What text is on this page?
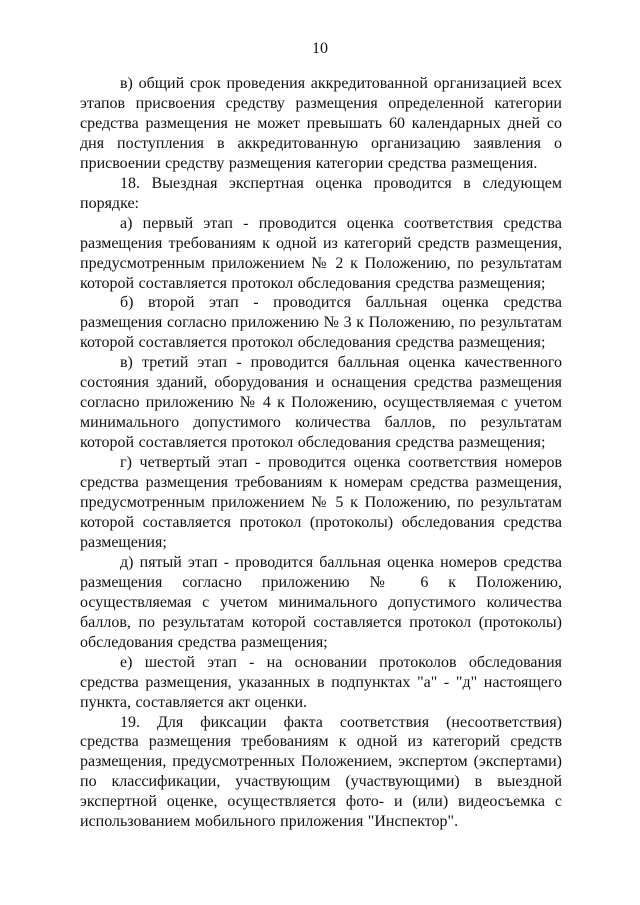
10

в) общий срок проведения аккредитованной организацией всех этапов присвоения средству размещения определенной категории средства размещения не может превышать 60 календарных дней со дня поступления в аккредитованную организацию заявления о присвоении средству размещения категории средства размещения.

18. Выездная экспертная оценка проводится в следующем порядке:

а) первый этап - проводится оценка соответствия средства размещения требованиям к одной из категорий средств размещения, предусмотренным приложением № 2 к Положению, по результатам которой составляется протокол обследования средства размещения;

б) второй этап - проводится балльная оценка средства размещения согласно приложению № 3 к Положению, по результатам которой составляется протокол обследования средства размещения;

в) третий этап - проводится балльная оценка качественного состояния зданий, оборудования и оснащения средства размещения согласно приложению № 4 к Положению, осуществляемая с учетом минимального допустимого количества баллов, по результатам которой составляется протокол обследования средства размещения;

г) четвертый этап - проводится оценка соответствия номеров средства размещения требованиям к номерам средства размещения, предусмотренным приложением № 5 к Положению, по результатам которой составляется протокол (протоколы) обследования средства размещения;

д) пятый этап - проводится балльная оценка номеров средства размещения согласно приложению № 6 к Положению, осуществляемая с учетом минимального допустимого количества баллов, по результатам которой составляется протокол (протоколы) обследования средства размещения;

е) шестой этап - на основании протоколов обследования средства размещения, указанных в подпунктах "а" - "д" настоящего пункта, составляется акт оценки.

19. Для фиксации факта соответствия (несоответствия) средства размещения требованиям к одной из категорий средств размещения, предусмотренных Положением, экспертом (экспертами) по классификации, участвующим (участвующими) в выездной экспертной оценке, осуществляется фото- и (или) видеосъемка с использованием мобильного приложения "Инспектор".
